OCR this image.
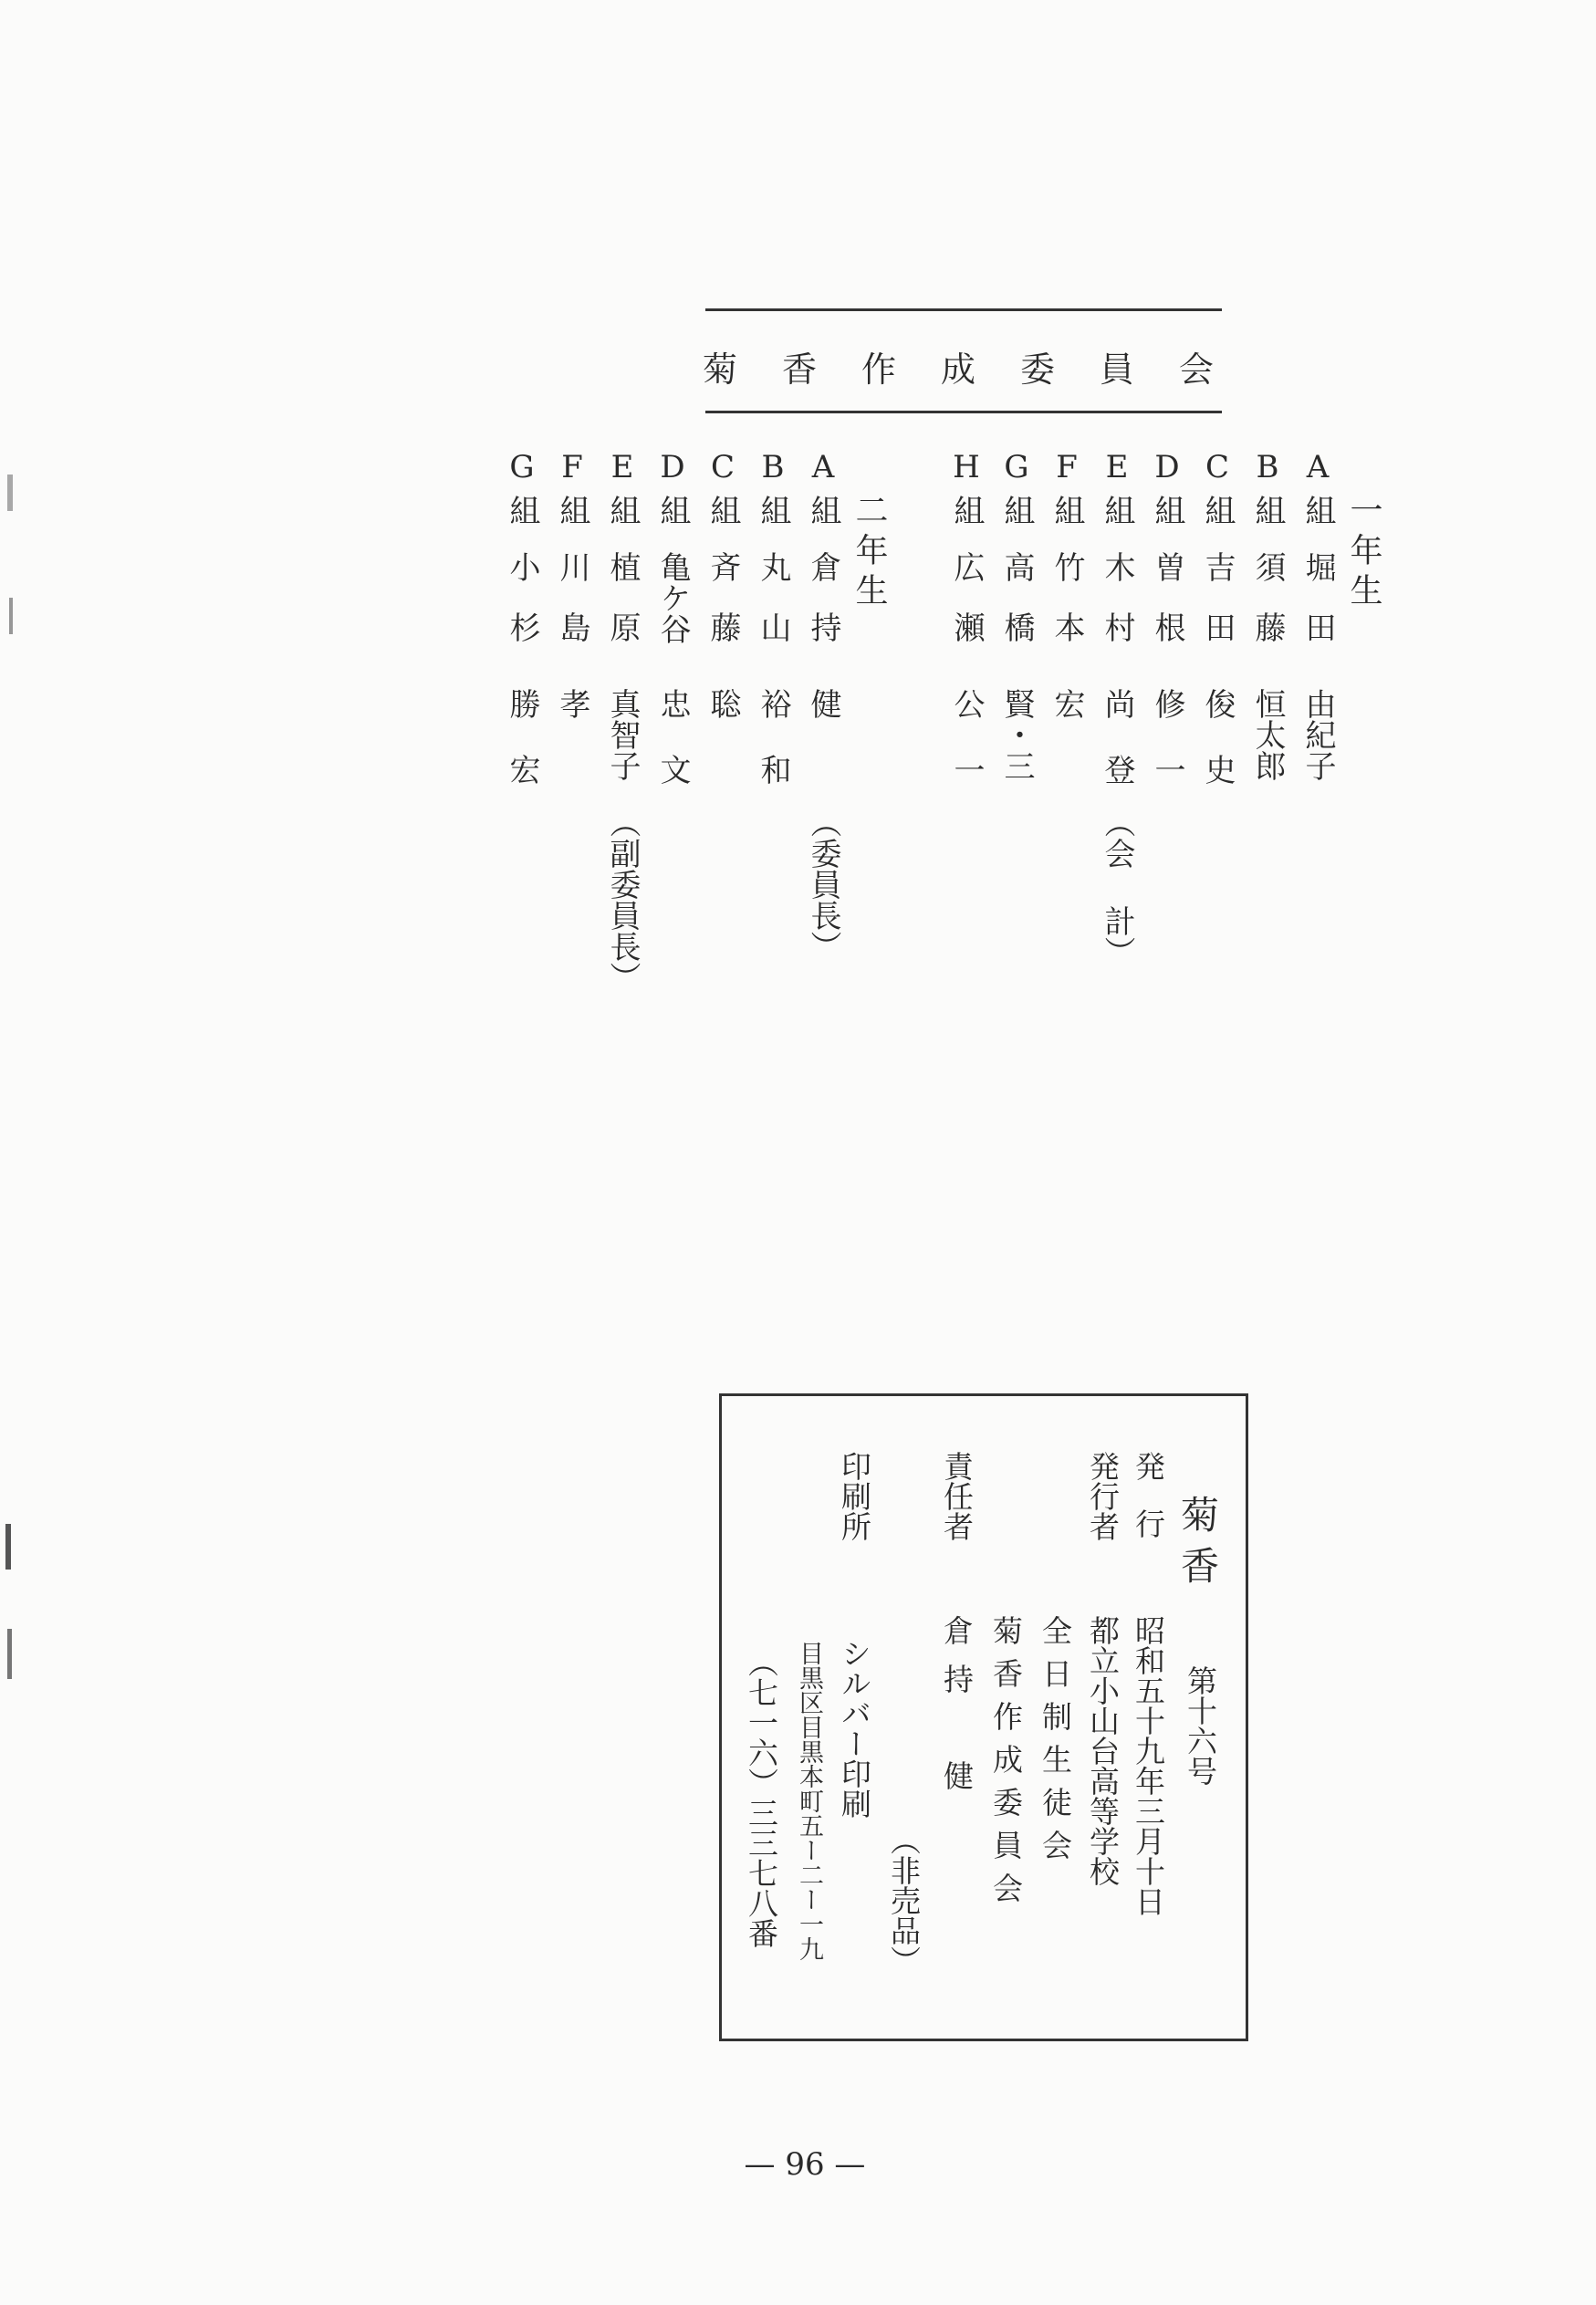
菊 香 作 成 委 員 会
一年生
二年生
A組堀田由紀子
B組須藤恒太郎
C組吉田俊史
D組曽根修一
E組木村尚登（会 計）
F組竹本宏
G組高橋賢・三
H組広瀬公一
A組倉持健（委員長）
B組丸山裕和
C組斉藤聡
D組亀ケ谷忠文
E組植原真智子（副委員長）
F組川島孝
G組小杉勝宏
菊香
第十六号
発行
昭和五十九年三月十日
発行者
都立小山台高等学校
全日制生徒会
責任者
菊香作成委員会
倉持　健
（非売品）
印刷所
シルバー印刷
目黒区目黒本町五ー二ー一九
（七一六）三三七八番
— 96 —
